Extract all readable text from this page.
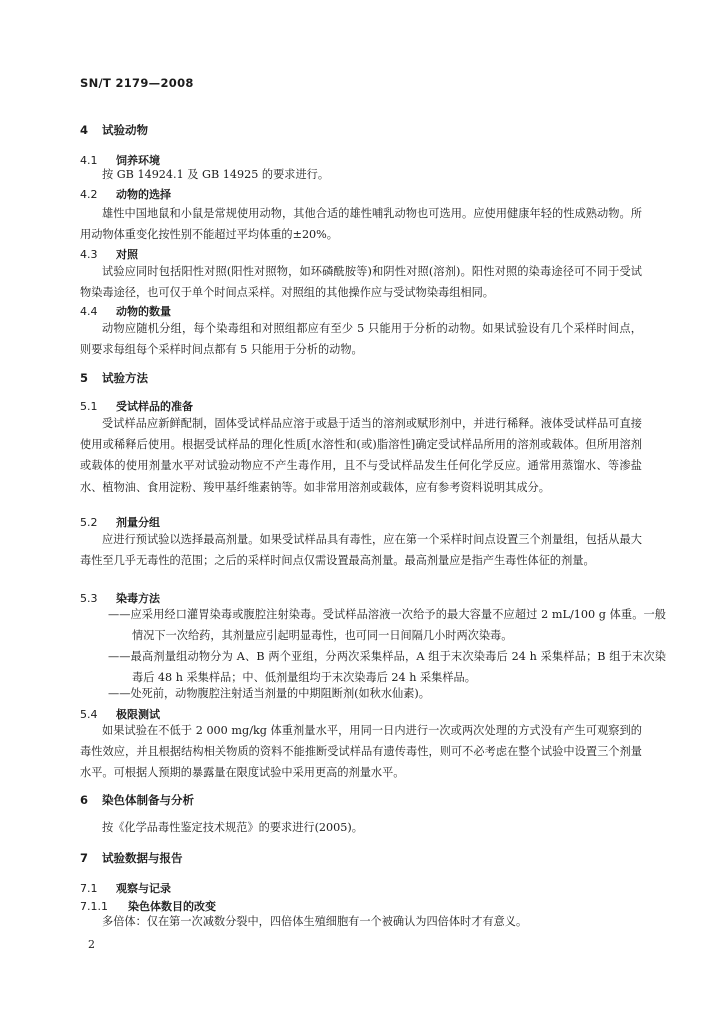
SN/T 2179—2008
4 试验动物
4.1 饲养环境

按 GB 14924.1 及 GB 14925 的要求进行。

4.2 动物的选择

雄性中国地鼠和小鼠是常规使用动物，其他合适的雄性哺乳动物也可选用。应使用健康年轻的性成熟动物。所用动物体重变化按性别不能超过平均体重的±20%。

4.3 对照

试验应同时包括阳性对照(阳性对照物，如环磷酰胺等)和阴性对照(溶剂)。阳性对照的染毒途径可不同于受试物染毒途径，也可仅于单个时间点采样。对照组的其他操作应与受试物染毒组相同。

4.4 动物的数量

动物应随机分组，每个染毒组和对照组都应有至少 5 只能用于分析的动物。如果试验设有几个采样时间点，则要求每组每个采样时间点都有 5 只能用于分析的动物。

5 试验方法
5.1 受试样品的准备

受试样品应新鲜配制，固体受试样品应溶于或悬于适当的溶剂或赋形剂中，并进行稀释。液体受试样品可直接使用或稀释后使用。根据受试样品的理化性质[水溶性和(或)脂溶性]确定受试样品所用的溶剂或载体。但所用溶剂或载体的使用剂量水平对试验动物应不产生毒作用，且不与受试样品发生任何化学反应。通常用蒸馏水、等渗盐水、植物油、食用淀粉、羧甲基纤维素钠等。如非常用溶剂或载体，应有参考资料说明其成分。

5.2 剂量分组

应进行预试验以选择最高剂量。如果受试样品具有毒性，应在第一个采样时间点设置三个剂量组，包括从最大毒性至几乎无毒性的范围；之后的采样时间点仅需设置最高剂量。最高剂量应是指产生毒性体征的剂量。

5.3 染毒方法

——应采用经口灌胃染毒或腹腔注射染毒。受试样品溶液一次给予的最大容量不应超过 2 mL/100 g 体重。一般情况下一次给药，其剂量应引起明显毒性，也可同一日间隔几小时两次染毒。

——最高剂量组动物分为 A、B 两个亚组，分两次采集样品，A 组于末次染毒后 24 h 采集样品；B 组于末次染毒后 48 h 采集样品；中、低剂量组均于末次染毒后 24 h 采集样品。

——处死前，动物腹腔注射适当剂量的中期阻断剂(如秋水仙素)。

5.4 极限测试

如果试验在不低于 2 000 mg/kg 体重剂量水平，用同一日内进行一次或两次处理的方式没有产生可观察到的毒性效应，并且根据结构相关物质的资料不能推断受试样品有遗传毒性，则可不必考虑在整个试验中设置三个剂量水平。可根据人预期的暴露量在限度试验中采用更高的剂量水平。

6 染色体制备与分析

按《化学品毒性鉴定技术规范》的要求进行(2005)。

7 试验数据与报告
7.1 观察与记录
7.1.1 染色体数目的改变

多倍体：仅在第一次减数分裂中，四倍体生殖细胞有一个被确认为四倍体时才有意义。

2
